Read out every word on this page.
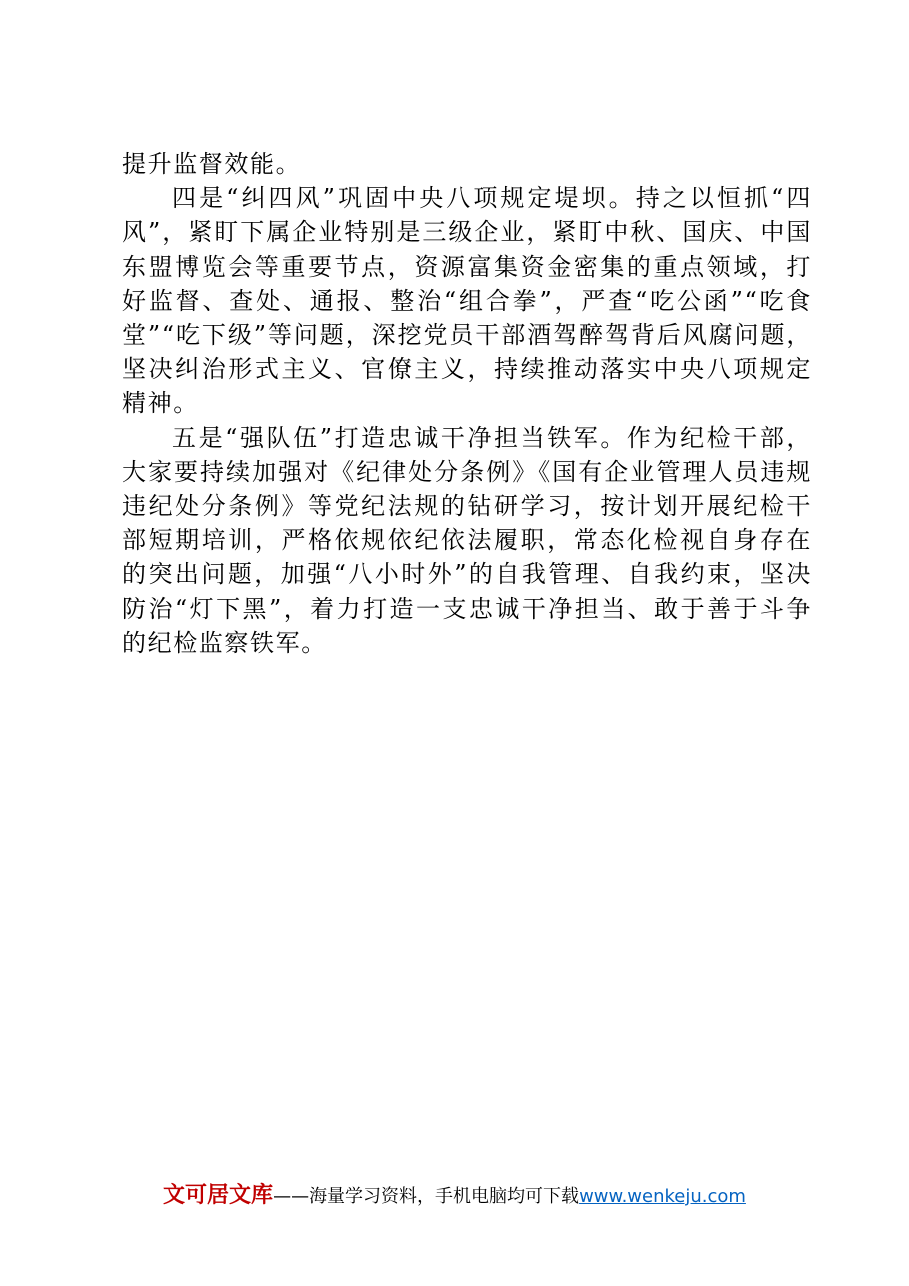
提升监督效能。

四是“纠四风”巩固中央八项规定堤坝。持之以恒抓“四风”，紧盯下属企业特别是三级企业，紧盯中秋、国庆、中国东盟博览会等重要节点，资源富集资金密集的重点领域，打好监督、查处、通报、整治“组合拳”，严查“吃公函”“吃食堂”“吃下级”等问题，深挖党员干部酒驾醉驾背后风腐问题，坚决纠治形式主义、官僚主义，持续推动落实中央八项规定精神。

五是“强队伍”打造忠诚干净担当铁军。作为纪检干部，大家要持续加强对《纪律处分条例》《国有企业管理人员违规违纪处分条例》等党纪法规的钻研学习，按计划开展纪检干部短期培训，严格依规依纪依法履职，常态化检视自身存在的突出问题，加强“八小时外”的自我管理、自我约束，坚决防治“灯下黑”，着力打造一支忠诚干净担当、敢于善于斗争的纪检监察铁军。

文可居文库——海量学习资料，手机电脑均可下载www.wenkeju.com
